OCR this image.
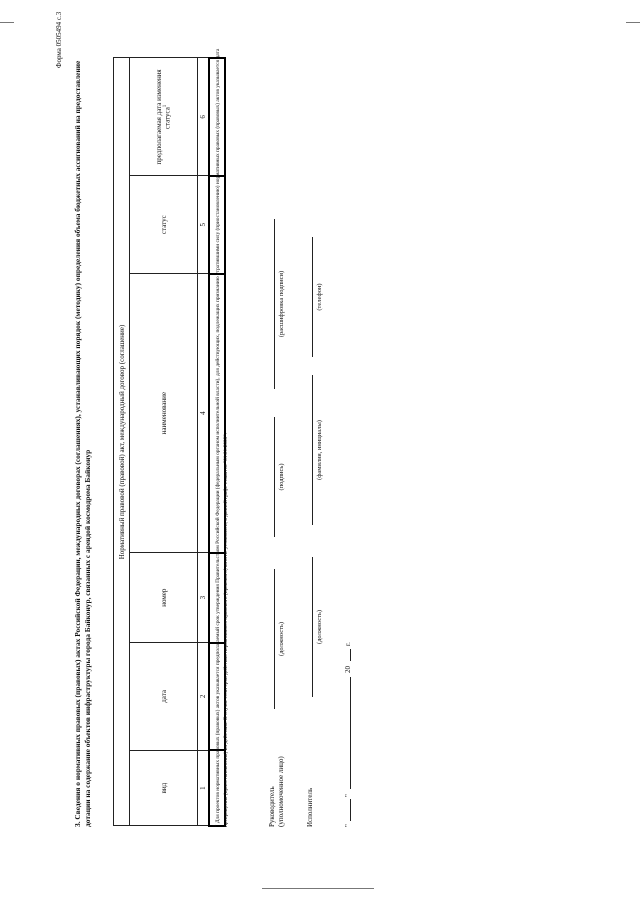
Форма 0505494 с.3
3. Сведения о нормативных правовых (правовых) актах Российской Федерации, международных договорах (соглашениях), устанавливающих порядок (методику) определения объема бюджетных ассигнований на предоставление дотации на содержание объектов инфраструктуры города Байконур, связанных с арендой космодрома Байконур
Нормативный правовой (правовой) акт, международный договор (соглашение)					
вид	дата	номер	наименование	статус	предполагаемая дата изменения статуса$^1$
1	2	3	4	5	6

1 Для проектов нормативных правовых (правовых) актов указывается предполагаемый срок утверждения Правительством Российской Федерации (федеральным органом исполнительной власти), для действующих, подлежащих признанию утратившими силу (приостановлению) нормативных правовых (правовых) актов указывается дата прекращения (приостановления) их действия. В случае если срок действия нормативного правового (правового) акта не установлен, в данной графе ставится "01.01.2099".	Руководитель (уполномоченное лицо)
(должность)
(подпись)
(расшифровка подписи)
Исполнитель
(должность)
(фамилия, инициалы)
(телефон)
"
"
20
г.
